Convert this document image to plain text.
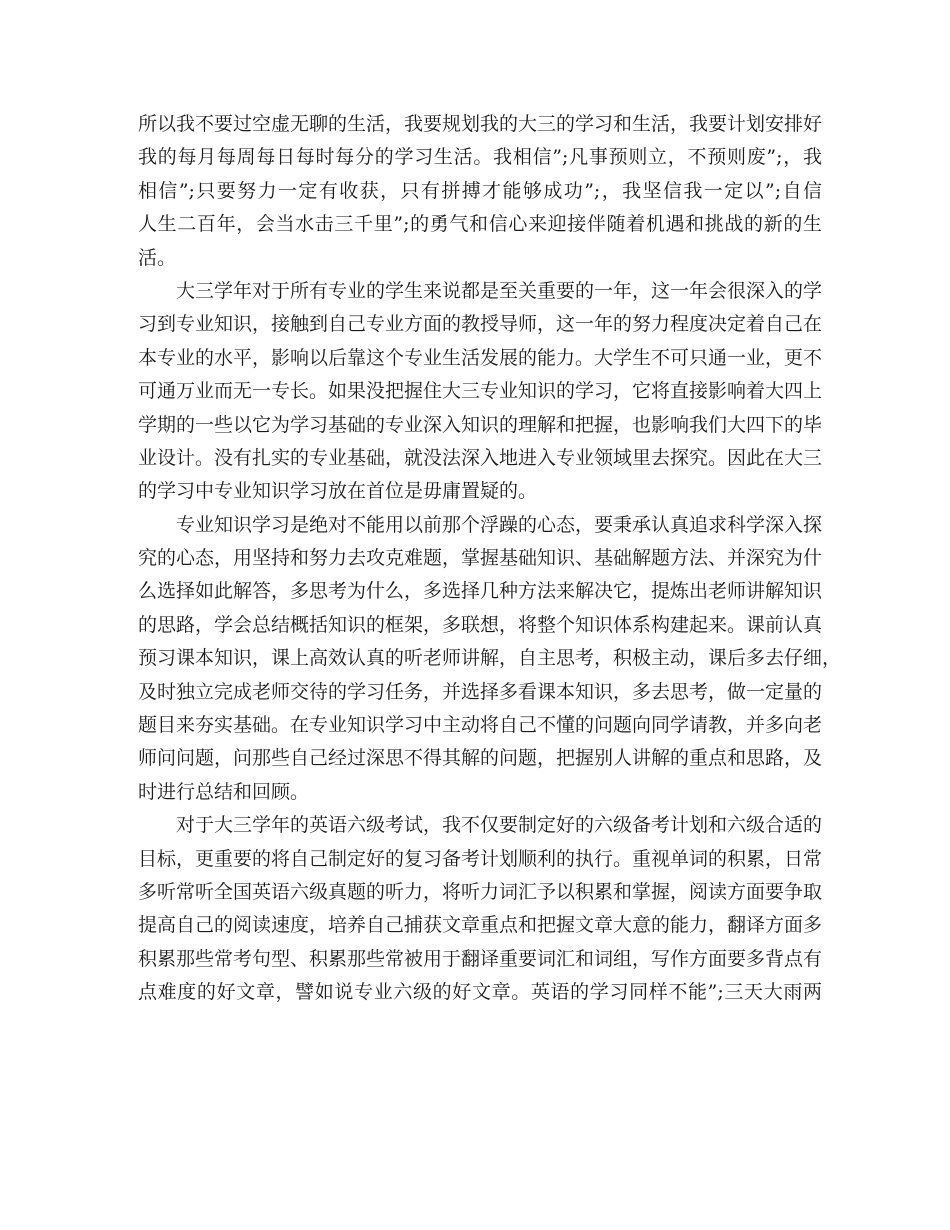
所以我不要过空虚无聊的生活，我要规划我的大三的学习和生活，我要计划安排好
我的每月每周每日每时每分的学习生活。我相信”;凡事预则立，不预则废”;，我
相信”;只要努力一定有收获，只有拼搏才能够成功”;，我坚信我一定以”;自信
人生二百年，会当水击三千里”;的勇气和信心来迎接伴随着机遇和挑战的新的生
活。
大三学年对于所有专业的学生来说都是至关重要的一年，这一年会很深入的学
习到专业知识，接触到自己专业方面的教授导师，这一年的努力程度决定着自己在
本专业的水平，影响以后靠这个专业生活发展的能力。大学生不可只通一业，更不
可通万业而无一专长。如果没把握住大三专业知识的学习，它将直接影响着大四上
学期的一些以它为学习基础的专业深入知识的理解和把握，也影响我们大四下的毕
业设计。没有扎实的专业基础，就没法深入地进入专业领域里去探究。因此在大三
的学习中专业知识学习放在首位是毋庸置疑的。
专业知识学习是绝对不能用以前那个浮躁的心态，要秉承认真追求科学深入探
究的心态，用坚持和努力去攻克难题，掌握基础知识、基础解题方法、并深究为什
么选择如此解答，多思考为什么，多选择几种方法来解决它，提炼出老师讲解知识
的思路，学会总结概括知识的框架，多联想，将整个知识体系构建起来。课前认真
预习课本知识，课上高效认真的听老师讲解，自主思考，积极主动，课后多去仔细，
及时独立完成老师交待的学习任务，并选择多看课本知识，多去思考，做一定量的
题目来夯实基础。在专业知识学习中主动将自己不懂的问题向同学请教，并多向老
师问问题，问那些自己经过深思不得其解的问题，把握别人讲解的重点和思路，及
时进行总结和回顾。
对于大三学年的英语六级考试，我不仅要制定好的六级备考计划和六级合适的
目标，更重要的将自己制定好的复习备考计划顺利的执行。重视单词的积累，日常
多听常听全国英语六级真题的听力，将听力词汇予以积累和掌握，阅读方面要争取
提高自己的阅读速度，培养自己捕获文章重点和把握文章大意的能力，翻译方面多
积累那些常考句型、积累那些常被用于翻译重要词汇和词组，写作方面要多背点有
点难度的好文章，譬如说专业六级的好文章。英语的学习同样不能”;三天大雨两
